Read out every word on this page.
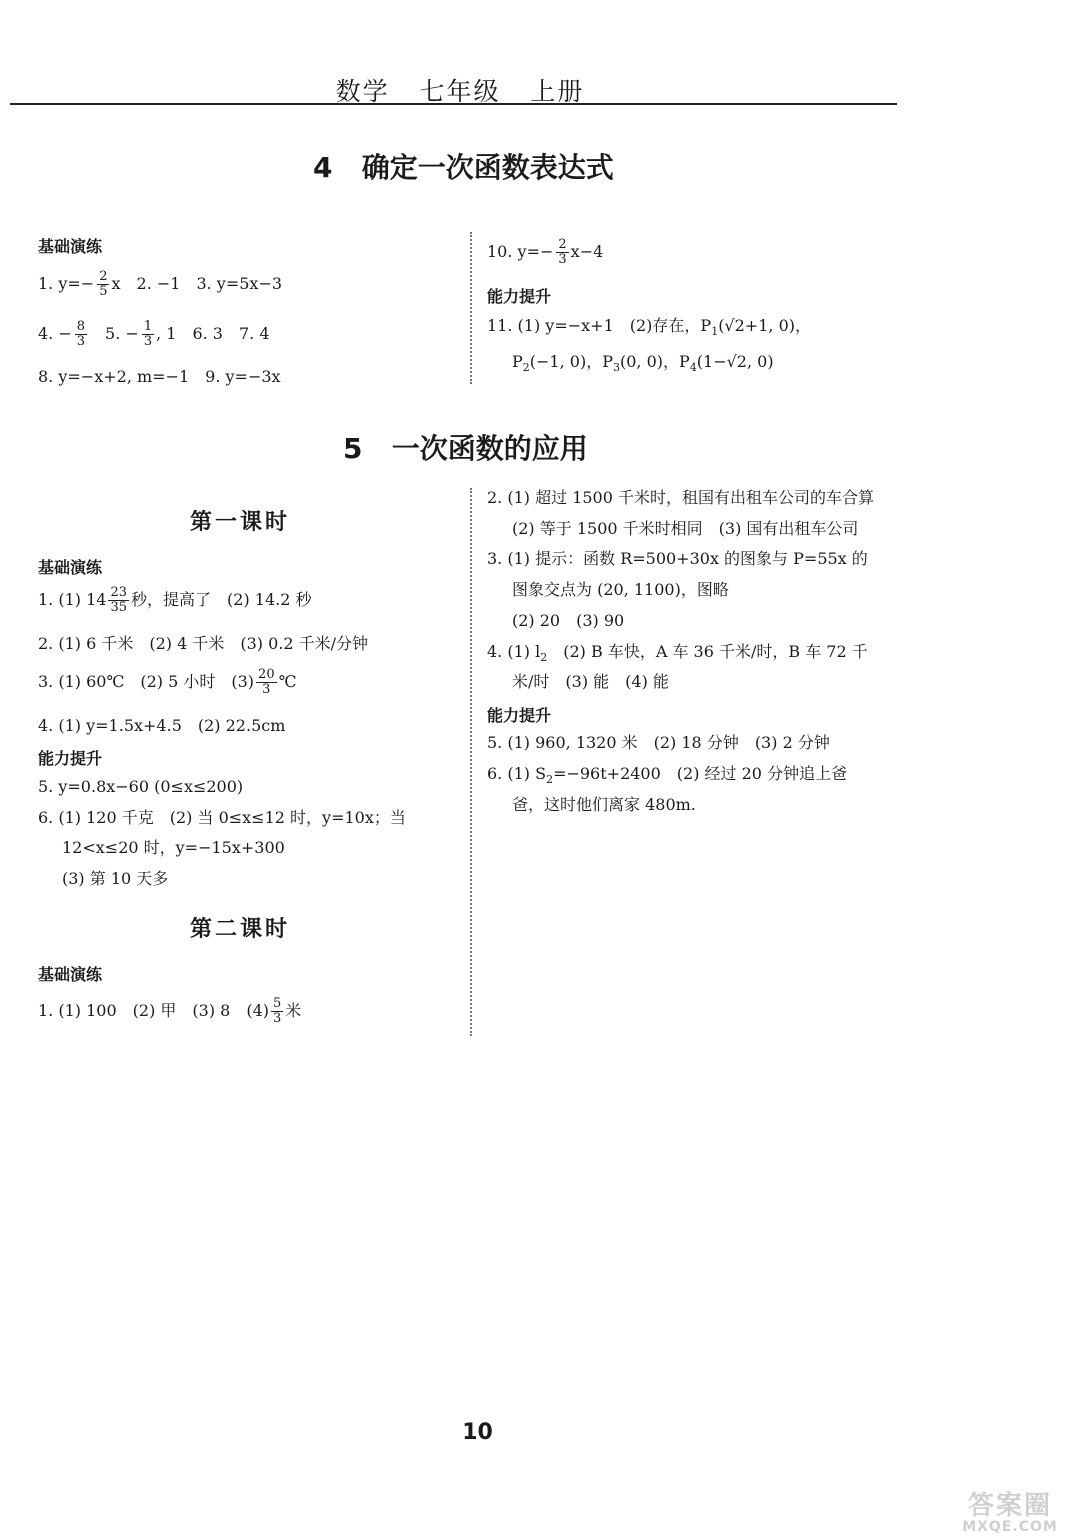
数学   七年级   上册
4   确定一次函数表达式
基础演练
1. $y=- \frac{2}{5}$ x　2. −1　3. y=5x−3
4. − $\frac{8}{3}$ 　5. − $\frac{1}{3}$ , 1　6. 3　7. 4
8. y=−x+2, m=−1　9. y=−3x
10. $y=- \frac{2}{3} x-4$
能力提升
11. (1) y=−x+1　(2)存在，$P_1(√2+1$, 0)，
$P_2(-1$, 0)，$P_3(0$, 0)，$P_4(1-√2$, 0)
5   一次函数的应用
第一课时
基础演练
1. (1) $14 \frac{23}{35}$ 秒，提高了　(2) 14.2 秒
2. (1) 6 千米　(2) 4 千米　(3) 0.2 千米/分钟
3. (1) 60℃　(2) 5 小时　$(3) \frac{20}{3}$ ℃
4. (1) y=1.5x+4.5　(2) 22.5cm
能力提升
5. y=0.8x−60 (0≤x≤200)
6. (1) 120 千克　(2) 当 0≤x≤12 时，y=10x；当
12<x≤20 时，y=−15x+300
(3) 第 10 天多
第二课时
基础演练
1. (1) 100　(2) 甲　(3) 8　$(4) \frac{5}{3}$ 米
2. (1) 超过 1500 千米时，租国有出租车公司的车合算
(2) 等于 1500 千米时相同　(3) 国有出租车公司
3. (1) 提示：函数 R=500+30x 的图象与 P=55x 的
图象交点为 (20, 1100)，图略
(2) 20　(3) 90
4. (1) $l_2$　(2) B 车快，A 车 36 千米/时，B 车 72 千
米/时　(3) 能　(4) 能
能力提升
5. (1) 960, 1320 米　(2) 18 分钟　(3) 2 分钟
6. (1) $S_2=-96t+2400$　(2) 经过 20 分钟追上爸
爸，这时他们离家 480m.
10
答案圈
MXQE.COM
